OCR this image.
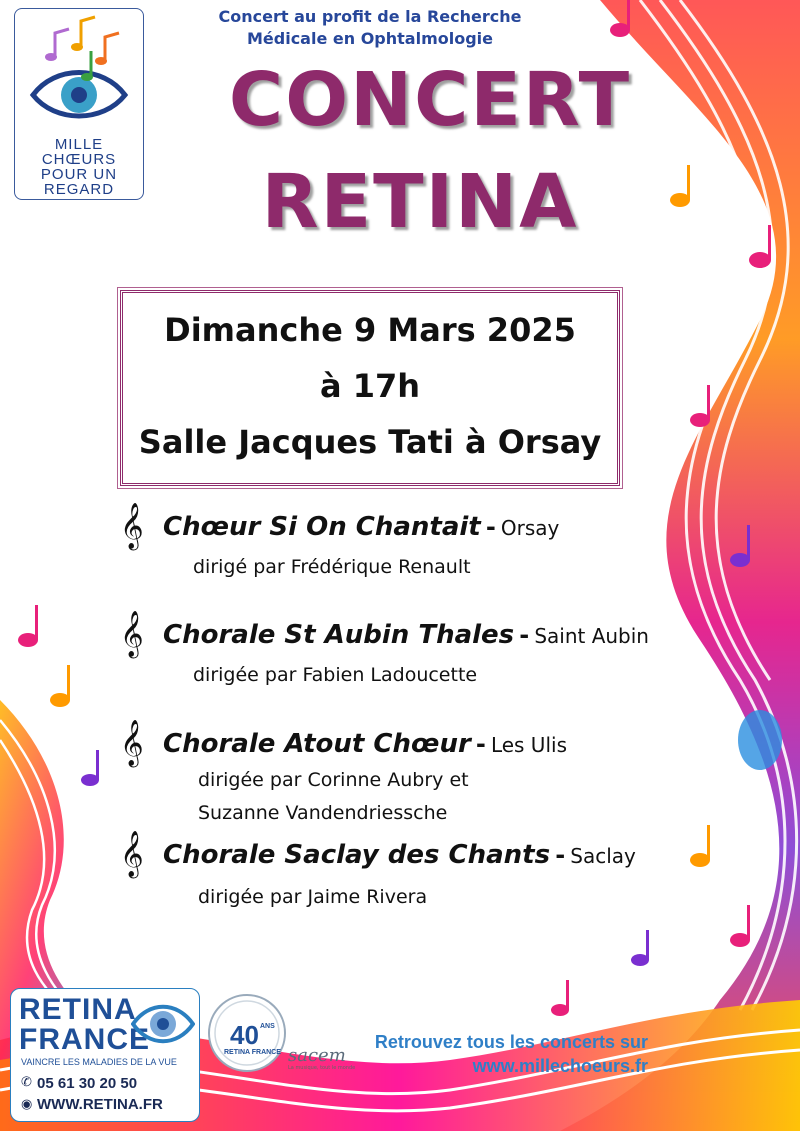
MILLE
CHŒURS
POUR UN
REGARD
Concert au profit de la Recherche
Médicale en Ophtalmologie
CONCERT
RETINA
Dimanche 9 Mars 2025
à 17h
Salle Jacques Tati à Orsay
𝄞 Chœur Si On Chantait - Orsay
dirigé par Frédérique Renault
𝄞 Chorale St Aubin Thales - Saint Aubin
dirigée par Fabien Ladoucette
𝄞 Chorale Atout Chœur - Les Ulis
dirigée par Corinne Aubry et
Suzanne Vandendriessche
𝄞 Chorale Saclay des Chants - Saclay
dirigée par Jaime Rivera
RETINA
FRANCE
VAINCRE LES MALADIES DE LA VUE
✆ 05 61 30 20 50
◉ WWW.RETINA.FR
40 ANS
RETINA FRANCE sacem
La musique, tout le monde
Retrouvez tous les concerts sur
www.millechoeurs.fr
